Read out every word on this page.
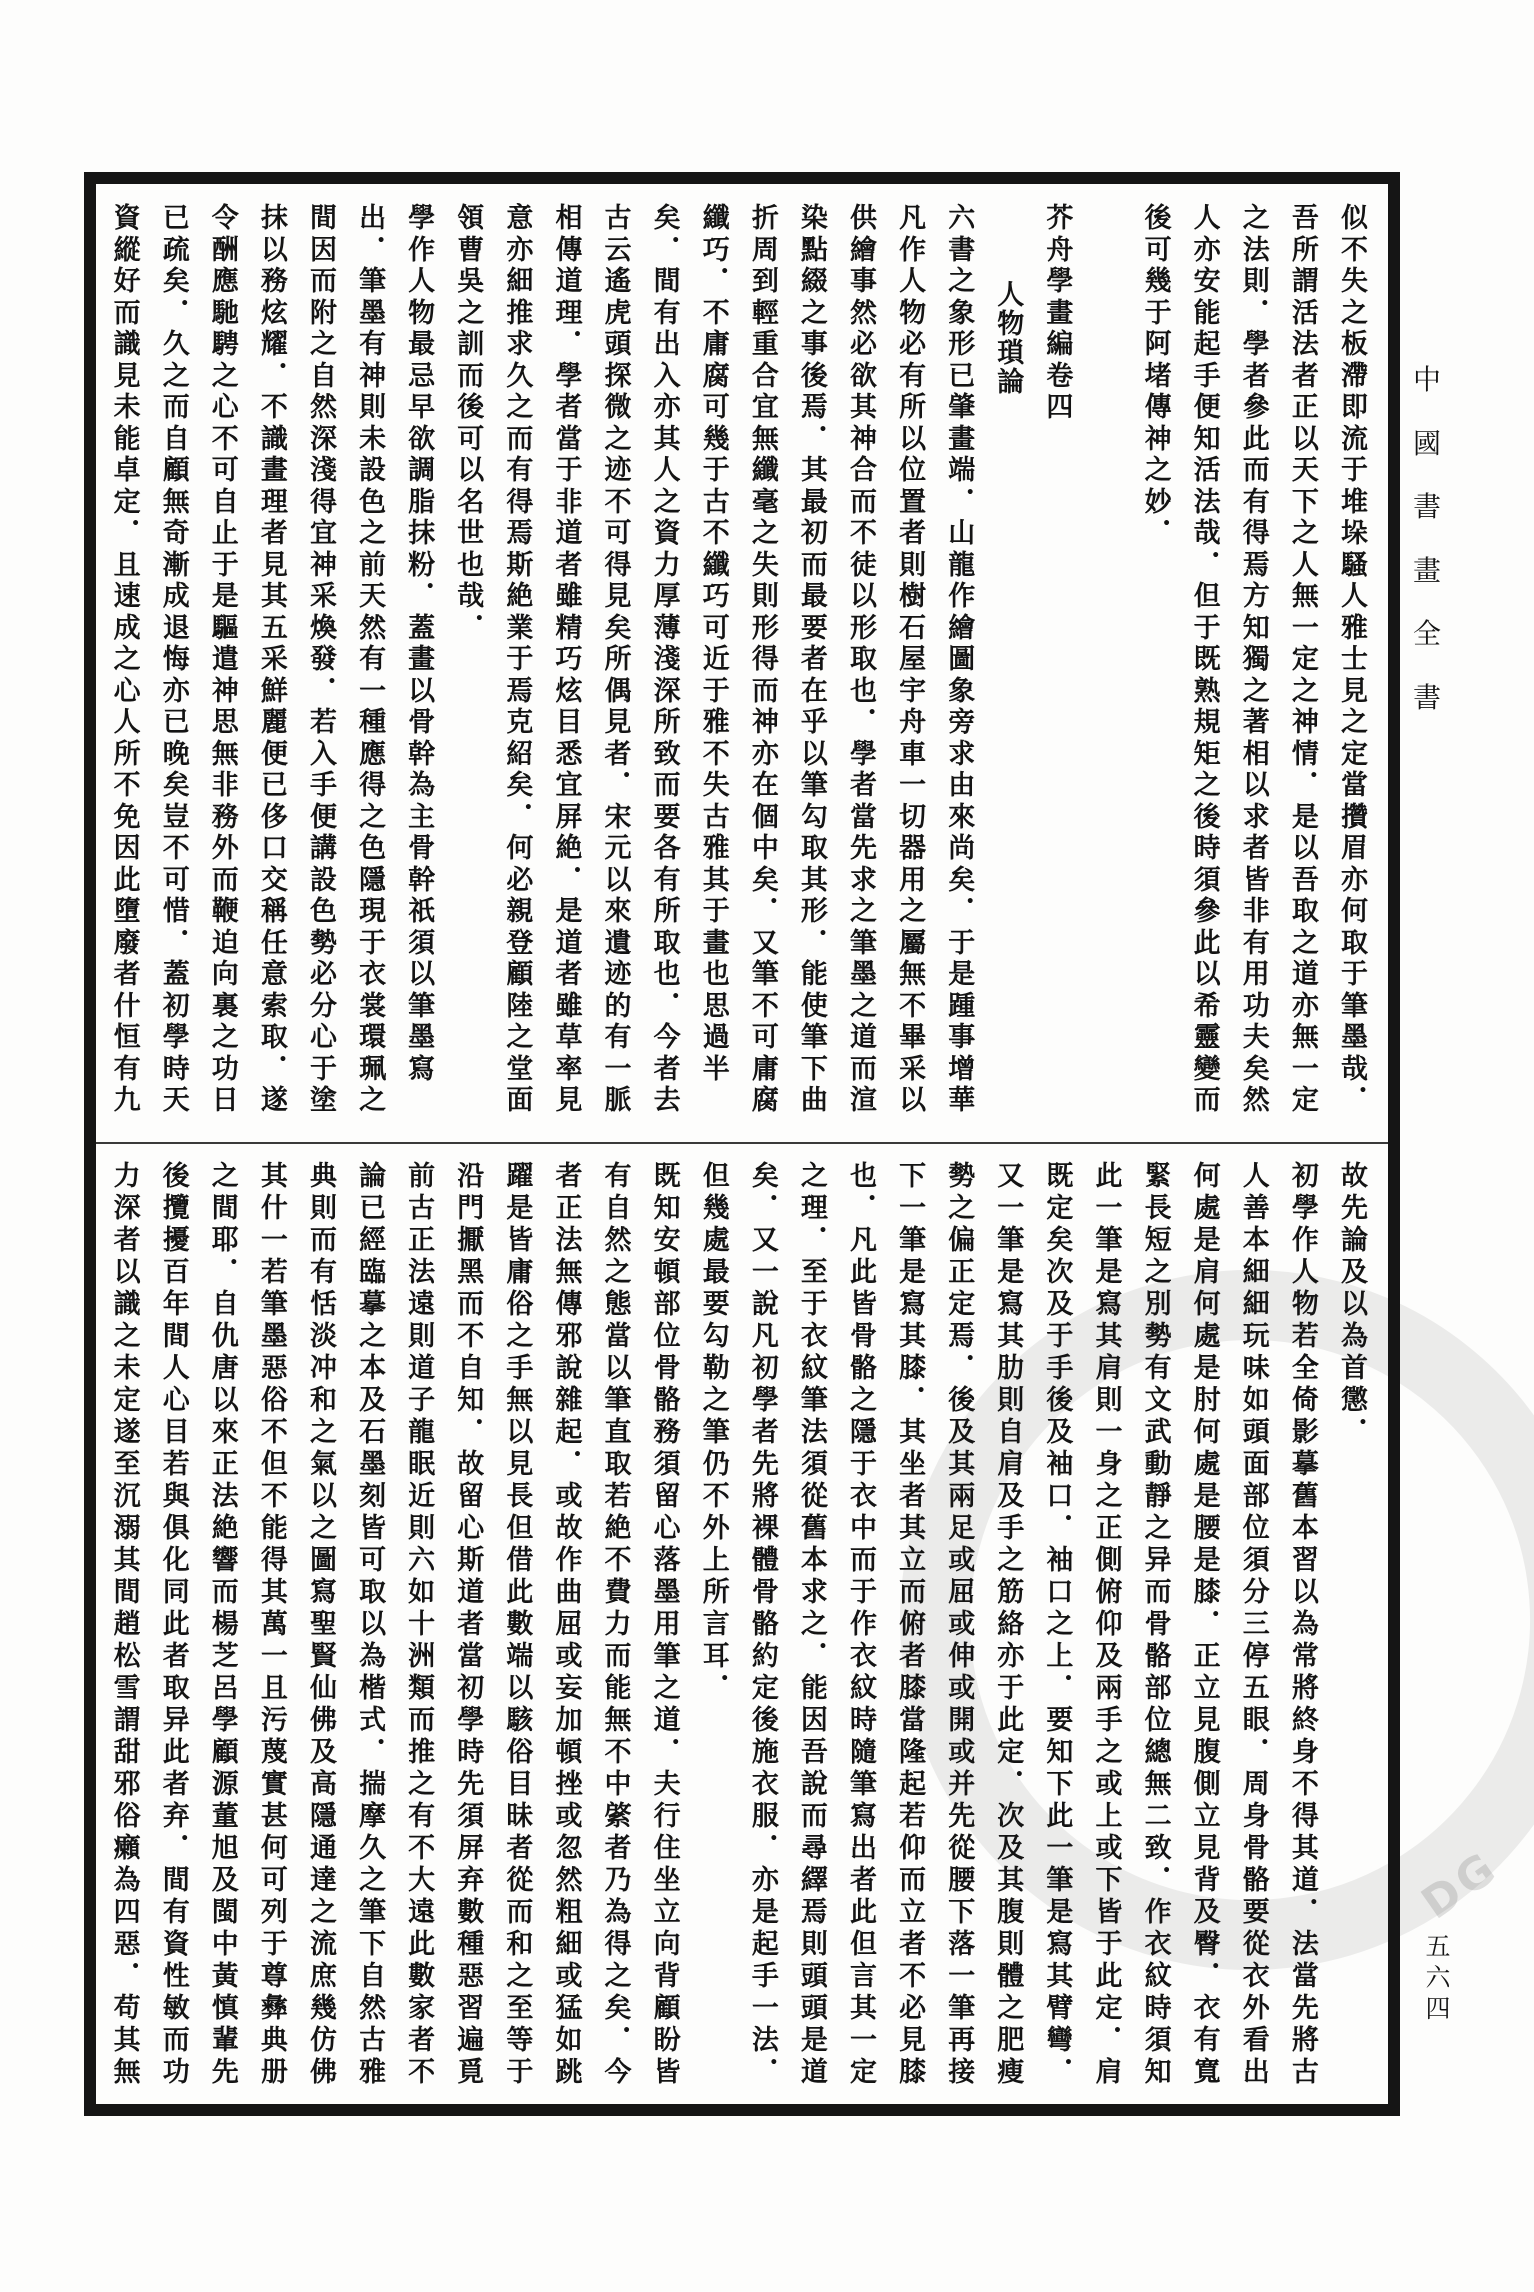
DG
中
國
書
畫
全
書
似
不
失
之
板
滯
即
流
于
堆
垛
騷
人
雅
士
見
之
定
當
攢
眉
亦
何
取
于
筆
墨
哉
•
吾
所
謂
活
法
者
正
以
天
下
之
人
無
一
定
之
神
情
•
是
以
吾
取
之
道
亦
無
一
定
之
法
則
•
學
者
參
此
而
有
得
焉
方
知
獨
之
著
相
以
求
者
皆
非
有
用
功
夫
矣
然
人
亦
安
能
起
手
便
知
活
法
哉
•
但
于
既
熟
規
矩
之
後
時
須
參
此
以
希
靈
變
而
後
可
幾
于
阿
堵
傳
神
之
妙
•
芥
舟
學
畫
編
卷
四
人
物
瑣
論
六
書
之
象
形
已
肇
畫
端
•
山
龍
作
繪
圖
象
旁
求
由
來
尚
矣
•
于
是
踵
事
增
華
凡
作
人
物
必
有
所
以
位
置
者
則
樹
石
屋
宇
舟
車
一
切
器
用
之
屬
無
不
畢
采
以
供
繪
事
然
必
欲
其
神
合
而
不
徒
以
形
取
也
•
學
者
當
先
求
之
筆
墨
之
道
而
渲
染
點
綴
之
事
後
焉
•
其
最
初
而
最
要
者
在
乎
以
筆
勾
取
其
形
•
能
使
筆
下
曲
折
周
到
輕
重
合
宜
無
纖
毫
之
失
則
形
得
而
神
亦
在
個
中
矣
•
又
筆
不
可
庸
腐
纖
巧
•
不
庸
腐
可
幾
于
古
不
纖
巧
可
近
于
雅
不
失
古
雅
其
于
畫
也
思
過
半
矣
•
間
有
出
入
亦
其
人
之
資
力
厚
薄
淺
深
所
致
而
要
各
有
所
取
也
•
今
者
去
古
云
遙
虎
頭
探
微
之
迹
不
可
得
見
矣
所
偶
見
者
•
宋
元
以
來
遺
迹
的
有
一
脈
相
傳
道
理
•
學
者
當
于
非
道
者
雖
精
巧
炫
目
悉
宜
屏
絶
•
是
道
者
雖
草
率
見
意
亦
細
推
求
久
之
而
有
得
焉
斯
絶
業
于
焉
克
紹
矣
•
何
必
親
登
顧
陸
之
堂
面
領
曹
吳
之
訓
而
後
可
以
名
世
也
哉
•
學
作
人
物
最
忌
早
欲
調
脂
抹
粉
•
蓋
畫
以
骨
幹
為
主
骨
幹
祇
須
以
筆
墨
寫
出
•
筆
墨
有
神
則
未
設
色
之
前
天
然
有
一
種
應
得
之
色
隱
現
于
衣
裳
環
珮
之
間
因
而
附
之
自
然
深
淺
得
宜
神
采
煥
發
•
若
入
手
便
講
設
色
勢
必
分
心
于
塗
抹
以
務
炫
耀
•
不
識
畫
理
者
見
其
五
采
鮮
麗
便
已
侈
口
交
稱
任
意
索
取
•
遂
令
酬
應
馳
騁
之
心
不
可
自
止
于
是
驅
遣
神
思
無
非
務
外
而
鞭
迫
向
裏
之
功
日
已
疏
矣
•
久
之
而
自
顧
無
奇
漸
成
退
悔
亦
已
晚
矣
豈
不
可
惜
•
蓋
初
學
時
天
資
縱
好
而
識
見
未
能
卓
定
•
且
速
成
之
心
人
所
不
免
因
此
墮
廢
者
什
恒
有
九
故
先
論
及
以
為
首
懲
•
初
學
作
人
物
若
全
倚
影
摹
舊
本
習
以
為
常
將
終
身
不
得
其
道
•
法
當
先
將
古
人
善
本
細
細
玩
味
如
頭
面
部
位
須
分
三
停
五
眼
•
周
身
骨
骼
要
從
衣
外
看
出
何
處
是
肩
何
處
是
肘
何
處
是
腰
是
膝
•
正
立
見
腹
側
立
見
背
及
臀
•
衣
有
寬
緊
長
短
之
別
勢
有
文
武
動
靜
之
异
而
骨
骼
部
位
總
無
二
致
•
作
衣
紋
時
須
知
此
一
筆
是
寫
其
肩
則
一
身
之
正
側
俯
仰
及
兩
手
之
或
上
或
下
皆
于
此
定
•
肩
既
定
矣
次
及
于
手
後
及
袖
口
•
袖
口
之
上
•
要
知
下
此
一
筆
是
寫
其
臂
彎
•
又
一
筆
是
寫
其
肋
則
自
肩
及
手
之
筋
絡
亦
于
此
定
•
次
及
其
腹
則
體
之
肥
瘦
勢
之
偏
正
定
焉
•
後
及
其
兩
足
或
屈
或
伸
或
開
或
并
先
從
腰
下
落
一
筆
再
接
下
一
筆
是
寫
其
膝
•
其
坐
者
其
立
而
俯
者
膝
當
隆
起
若
仰
而
立
者
不
必
見
膝
也
•
凡
此
皆
骨
骼
之
隱
于
衣
中
而
于
作
衣
紋
時
隨
筆
寫
出
者
此
但
言
其
一
定
之
理
•
至
于
衣
紋
筆
法
須
從
舊
本
求
之
•
能
因
吾
說
而
尋
繹
焉
則
頭
頭
是
道
矣
•
又
一
說
凡
初
學
者
先
將
裸
體
骨
骼
約
定
後
施
衣
服
•
亦
是
起
手
一
法
•
但
幾
處
最
要
勾
勒
之
筆
仍
不
外
上
所
言
耳
•
既
知
安
頓
部
位
骨
骼
務
須
留
心
落
墨
用
筆
之
道
•
夫
行
住
坐
立
向
背
顧
盼
皆
有
自
然
之
態
當
以
筆
直
取
若
絶
不
費
力
而
能
無
不
中
綮
者
乃
為
得
之
矣
•
今
者
正
法
無
傳
邪
說
雜
起
•
或
故
作
曲
屈
或
妄
加
頓
挫
或
忽
然
粗
細
或
猛
如
跳
躍
是
皆
庸
俗
之
手
無
以
見
長
但
借
此
數
端
以
駭
俗
目
昧
者
從
而
和
之
至
等
于
沿
門
擫
黑
而
不
自
知
•
故
留
心
斯
道
者
當
初
學
時
先
須
屏
弃
數
種
惡
習
遍
覓
前
古
正
法
遠
則
道
子
龍
眠
近
則
六
如
十
洲
類
而
推
之
有
不
大
遠
此
數
家
者
不
論
已
經
臨
摹
之
本
及
石
墨
刻
皆
可
取
以
為
楷
式
•
揣
摩
久
之
筆
下
自
然
古
雅
典
則
而
有
恬
淡
冲
和
之
氣
以
之
圖
寫
聖
賢
仙
佛
及
高
隱
通
達
之
流
庶
幾
仿
佛
其
什
一
若
筆
墨
惡
俗
不
但
不
能
得
其
萬
一
且
污
蔑
實
甚
何
可
列
于
尊
彝
典
册
之
間
耶
•
自
仇
唐
以
來
正
法
絶
響
而
楊
芝
呂
學
顧
源
董
旭
及
閩
中
黃
慎
輩
先
後
攬
擾
百
年
間
人
心
目
若
與
俱
化
同
此
者
取
异
此
者
弃
•
間
有
資
性
敏
而
功
力
深
者
以
識
之
未
定
遂
至
沉
溺
其
間
趙
松
雪
謂
甜
邪
俗
癩
為
四
惡
•
苟
其
無
五
六
四
